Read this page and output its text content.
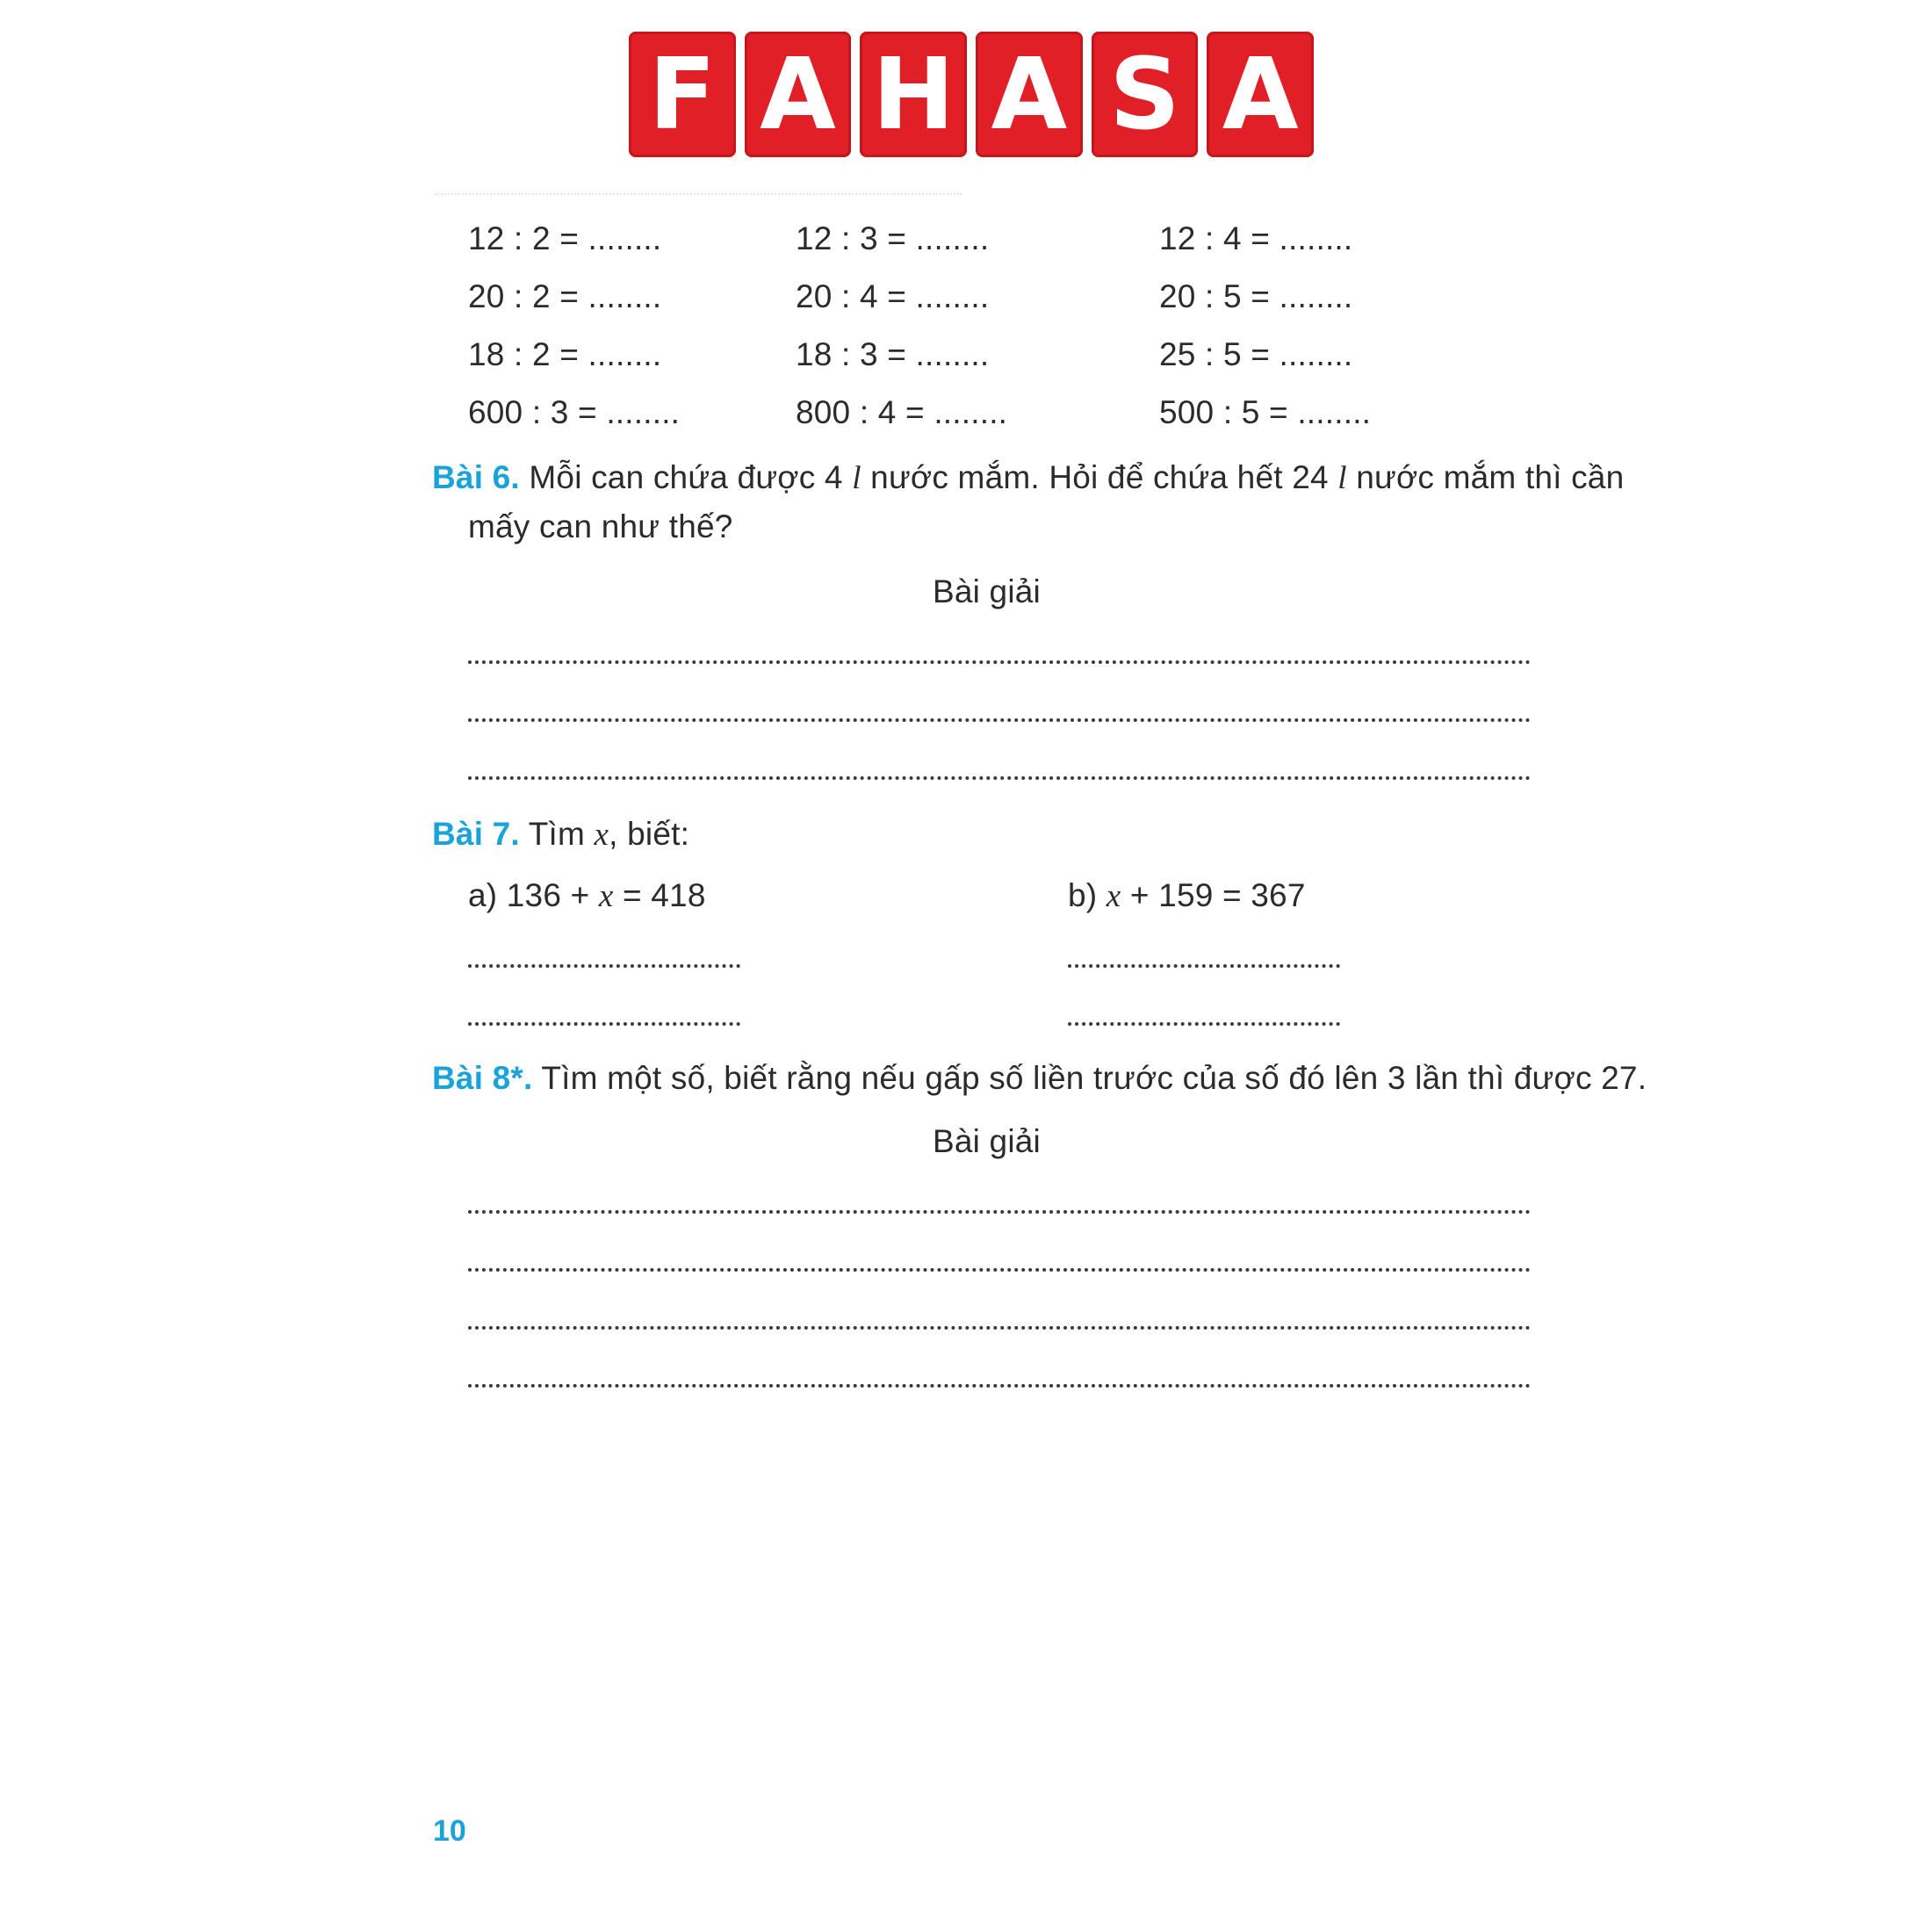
F A H A S A
12 : 2 = ........	12 : 3 = ........	12 : 4 = ........
20 : 2 = ........	20 : 4 = ........	20 : 5 = ........
18 : 2 = ........	18 : 3 = ........	25 : 5 = ........
600 : 3 = ........	800 : 4 = ........	500 : 5 = ........
Bài 6. Mỗi can chứa được 4 l nước mắm. Hỏi để chứa hết 24 l nước mắm thì cần
mấy can như thế?
Bài giải
Bài 7. Tìm x, biết:
a) 136 + x = 418	b) x + 159 = 367
Bài 8*. Tìm một số, biết rằng nếu gấp số liền trước của số đó lên 3 lần thì được 27.
Bài giải
10
